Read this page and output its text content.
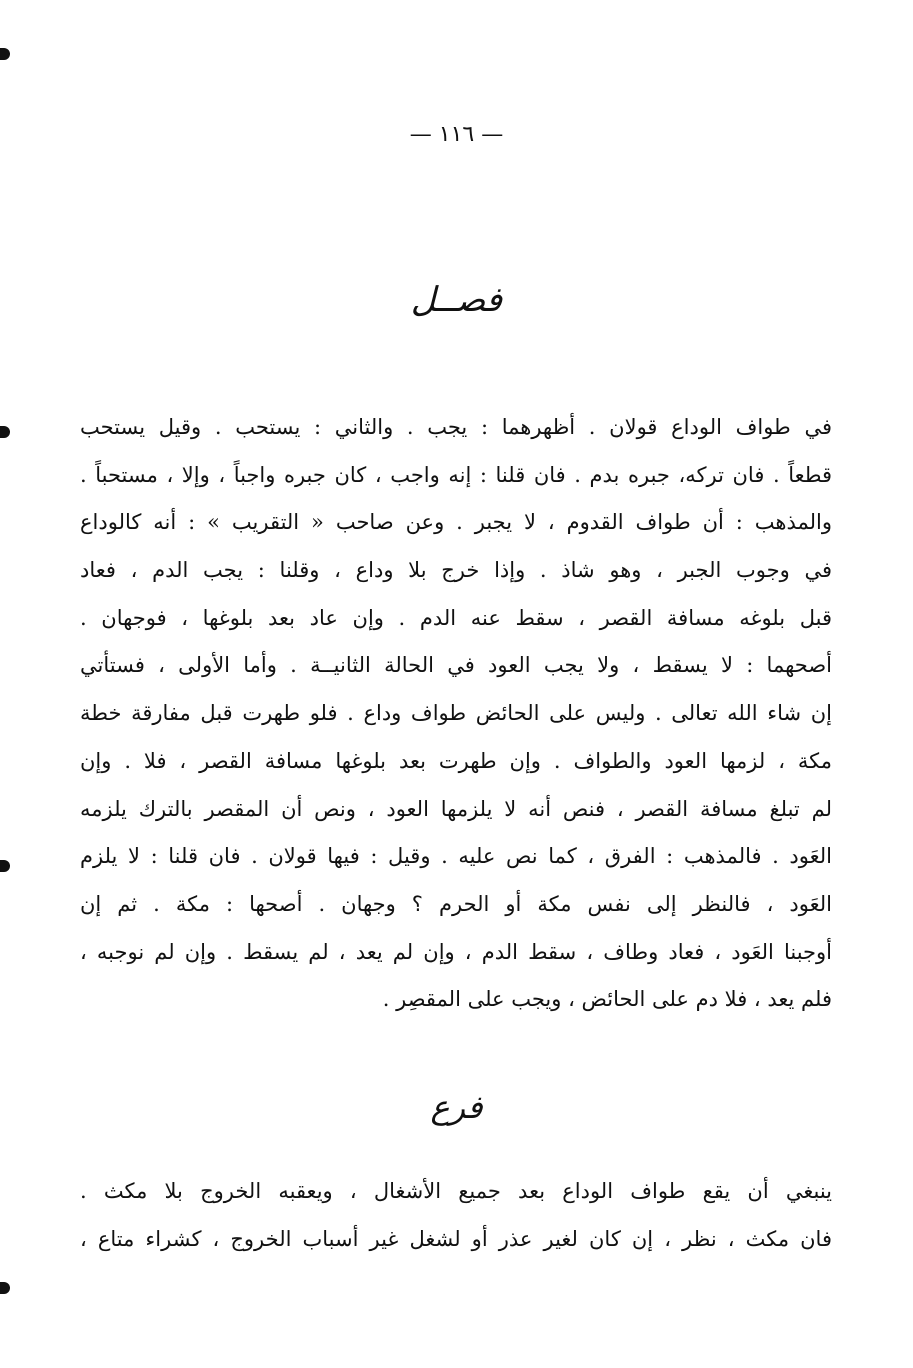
— ١١٦ —
فصــل
في طواف الوداع قولان . أظهرهما : يجب . والثاني : يستحب . وقيل يستحب
قطعاً . فان تركه، جبره بدم . فان قلنا : إنه واجب ، كان جبره واجباً ، وإلا ، مستحباً .
والمذهب : أن طواف القدوم ، لا يجبر . وعن صاحب « التقريب » : أنه كالوداع
في وجوب الجبر ، وهو شاذ . وإذا خرج بلا وداع ، وقلنا : يجب الدم ، فعاد
قبل بلوغه مسافة القصر ، سقط عنه الدم . وإن عاد بعد بلوغها ، فوجهان .
أصحهما : لا يسقط ، ولا يجب العود في الحالة الثانيــة . وأما الأولى ، فستأتي
إن شاء الله تعالى . وليس على الحائض طواف وداع . فلو طهرت قبل مفارقة خطة
مكة ، لزمها العود والطواف . وإن طهرت بعد بلوغها مسافة القصر ، فلا . وإن
لم تبلغ مسافة القصر ، فنص أنه لا يلزمها العود ، ونص أن المقصر بالترك يلزمه
العَود . فالمذهب : الفرق ، كما نص عليه . وقيل : فيها قولان . فان قلنا : لا يلزم
العَود ، فالنظر إلى نفس مكة أو الحرم ؟ وجهان . أصحها : مكة . ثم إن
أوجبنا العَود ، فعاد وطاف ، سقط الدم ، وإن لم يعد ، لم يسقط . وإن لم نوجبه ،
فلم يعد ، فلا دم على الحائض ، ويجب على المقصِر .
فرع
ينبغي أن يقع طواف الوداع بعد جميع الأشغال ، ويعقبه الخروج بلا مكث .
فان مكث ، نظر ، إن كان لغير عذر أو لشغل غير أسباب الخروج ، كشراء متاع ،
